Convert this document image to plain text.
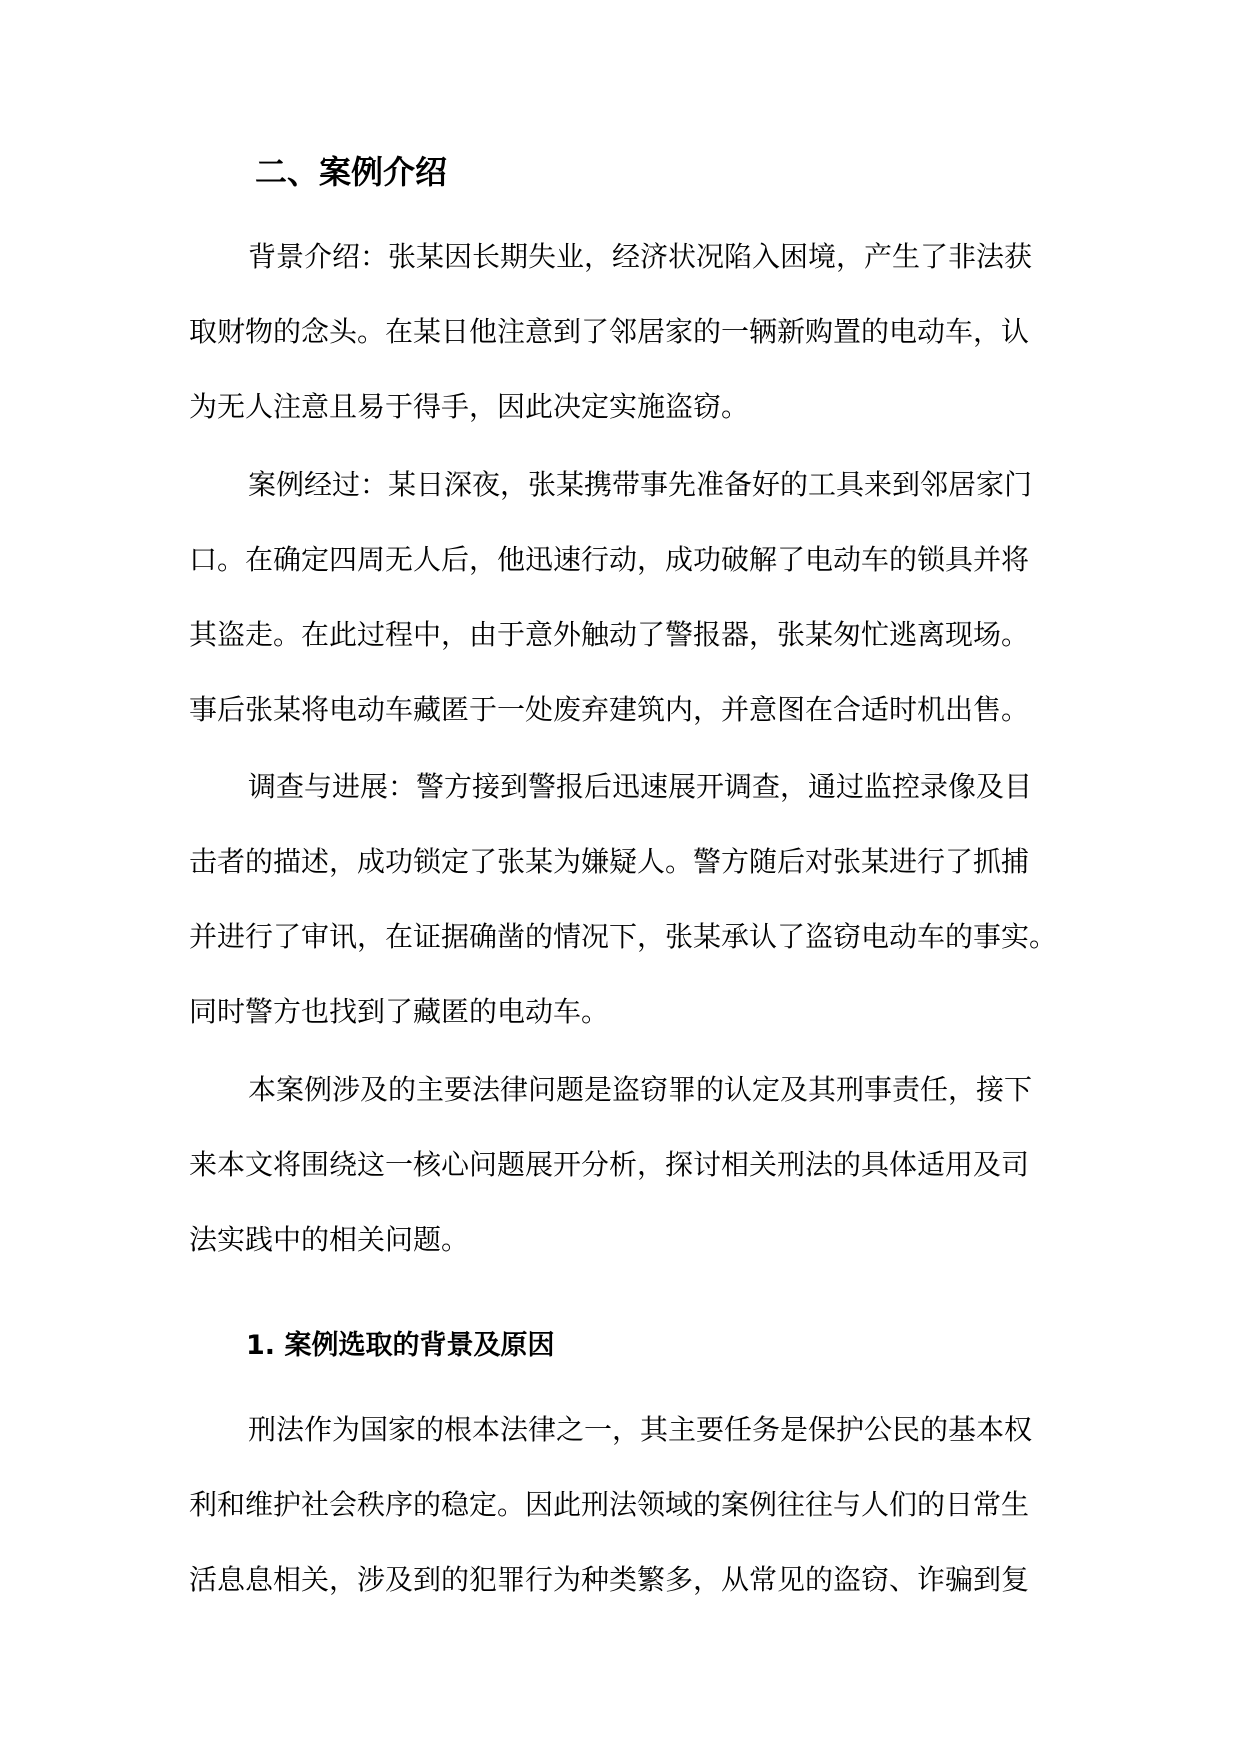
二、案例介绍
背景介绍：张某因长期失业，经济状况陷入困境，产生了非法获
取财物的念头。在某日他注意到了邻居家的一辆新购置的电动车，认
为无人注意且易于得手，因此决定实施盗窃。
案例经过：某日深夜，张某携带事先准备好的工具来到邻居家门
口。在确定四周无人后，他迅速行动，成功破解了电动车的锁具并将
其盗走。在此过程中，由于意外触动了警报器，张某匆忙逃离现场。
事后张某将电动车藏匿于一处废弃建筑内，并意图在合适时机出售。
调查与进展：警方接到警报后迅速展开调查，通过监控录像及目
击者的描述，成功锁定了张某为嫌疑人。警方随后对张某进行了抓捕
并进行了审讯，在证据确凿的情况下，张某承认了盗窃电动车的事实。
同时警方也找到了藏匿的电动车。
本案例涉及的主要法律问题是盗窃罪的认定及其刑事责任，接下
来本文将围绕这一核心问题展开分析，探讨相关刑法的具体适用及司
法实践中的相关问题。
1. 案例选取的背景及原因
刑法作为国家的根本法律之一，其主要任务是保护公民的基本权
利和维护社会秩序的稳定。因此刑法领域的案例往往与人们的日常生
活息息相关，涉及到的犯罪行为种类繁多，从常见的盗窃、诈骗到复
